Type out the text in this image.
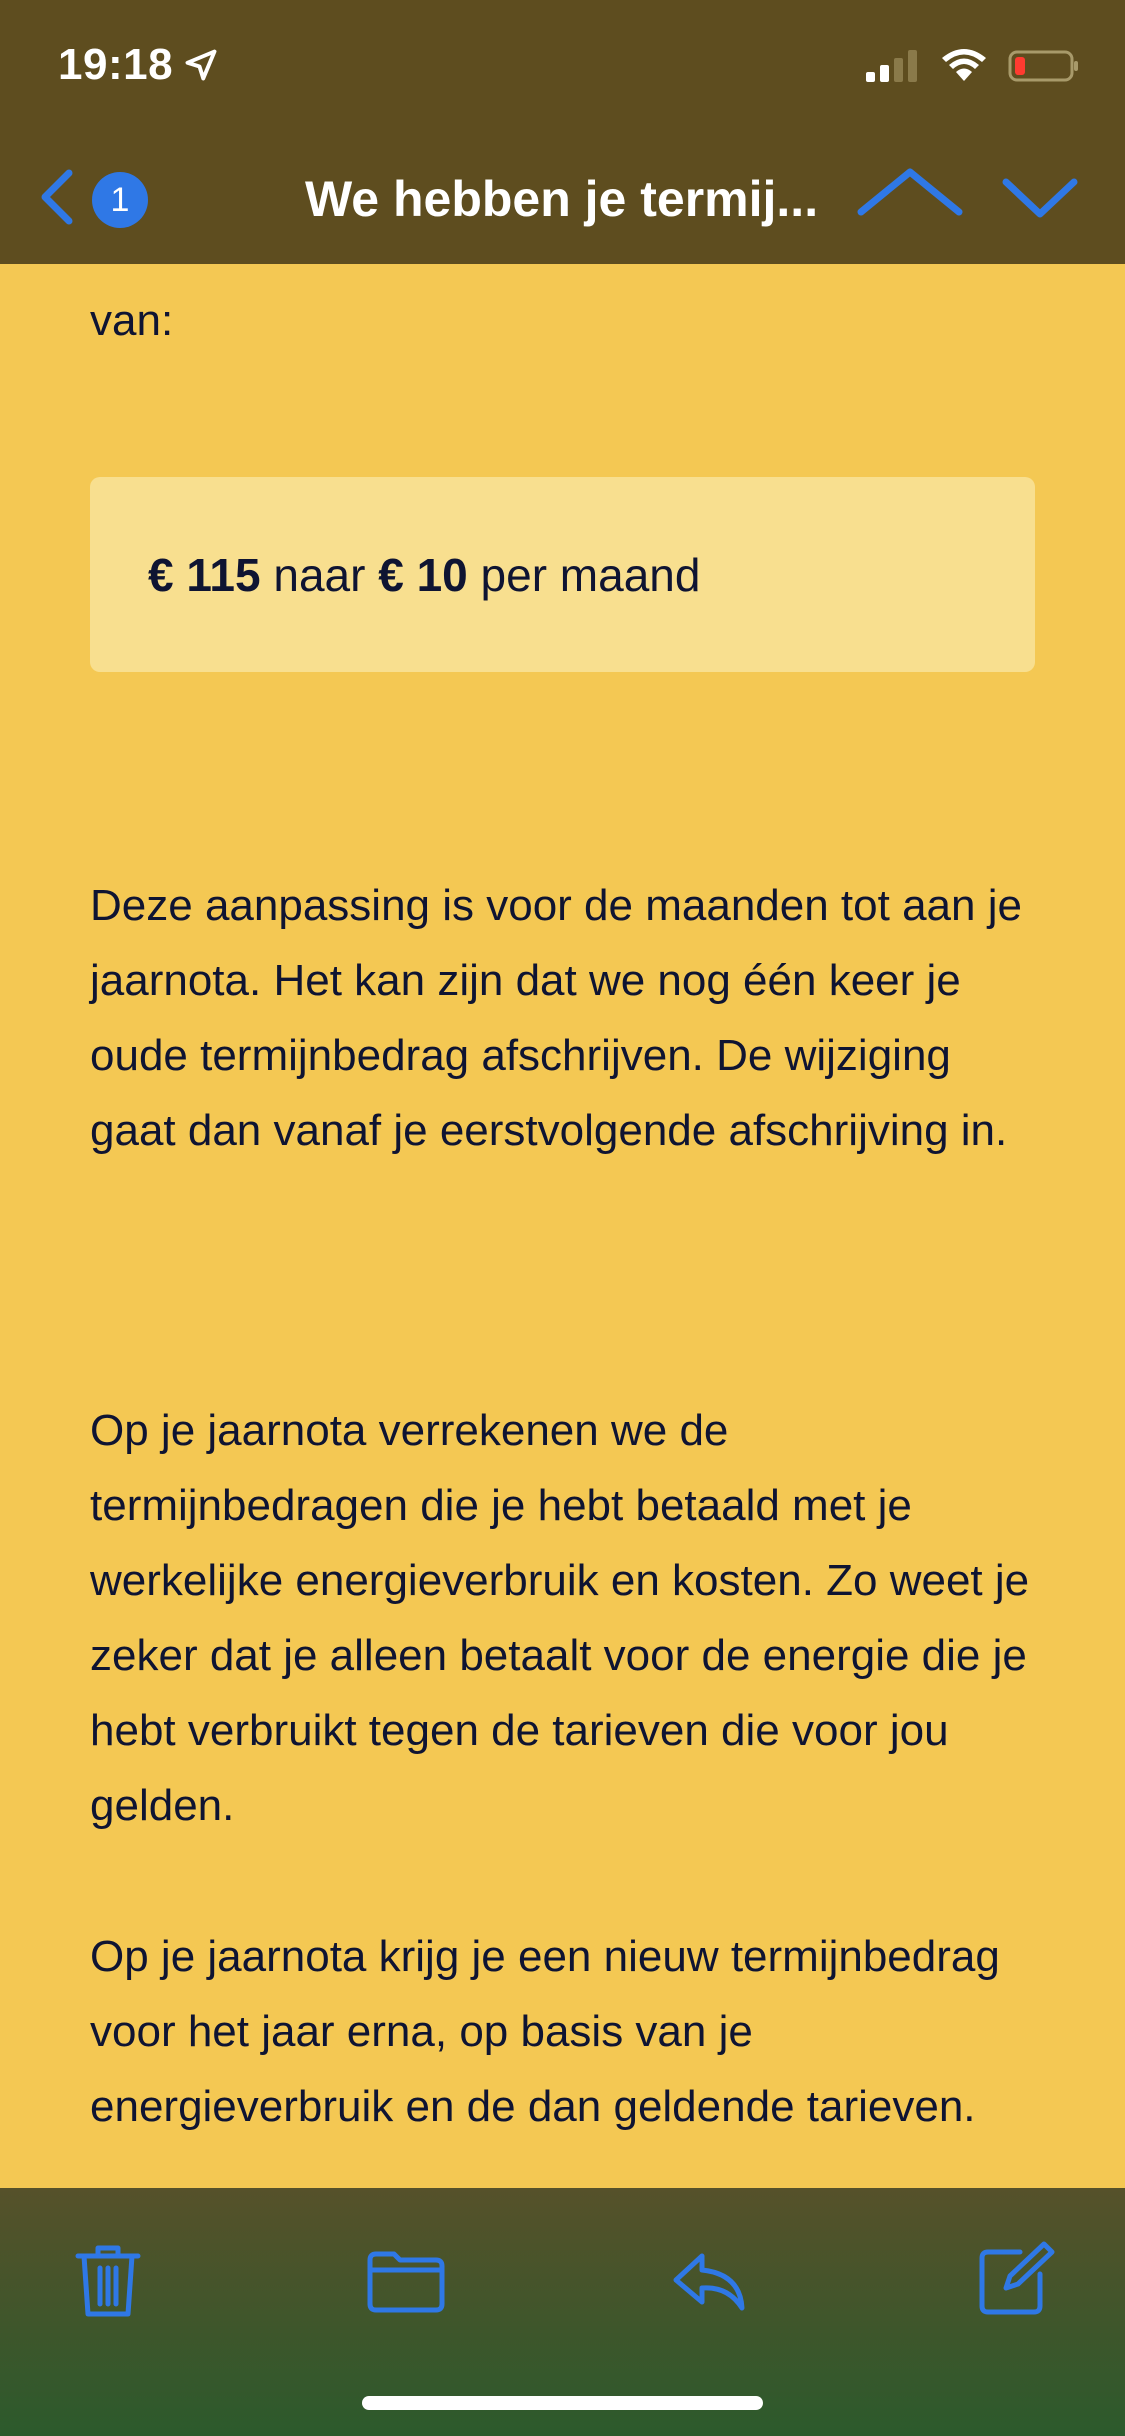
19:18
1	We hebben je termij...
van:
€ 115 naar € 10 per maand

Deze aanpassing is voor de maanden tot aan je jaarnota. Het kan zijn dat we nog één keer je oude termijnbedrag afschrijven. De wijziging gaat dan vanaf je eerstvolgende afschrijving in.

Op je jaarnota verrekenen we de termijnbedragen die je hebt betaald met je werkelijke energieverbruik en kosten. Zo weet je zeker dat je alleen betaalt voor de energie die je hebt verbruikt tegen de tarieven die voor jou gelden.

Op je jaarnota krijg je een nieuw termijnbedrag voor het jaar erna, op basis van je energieverbruik en de dan geldende tarieven.
